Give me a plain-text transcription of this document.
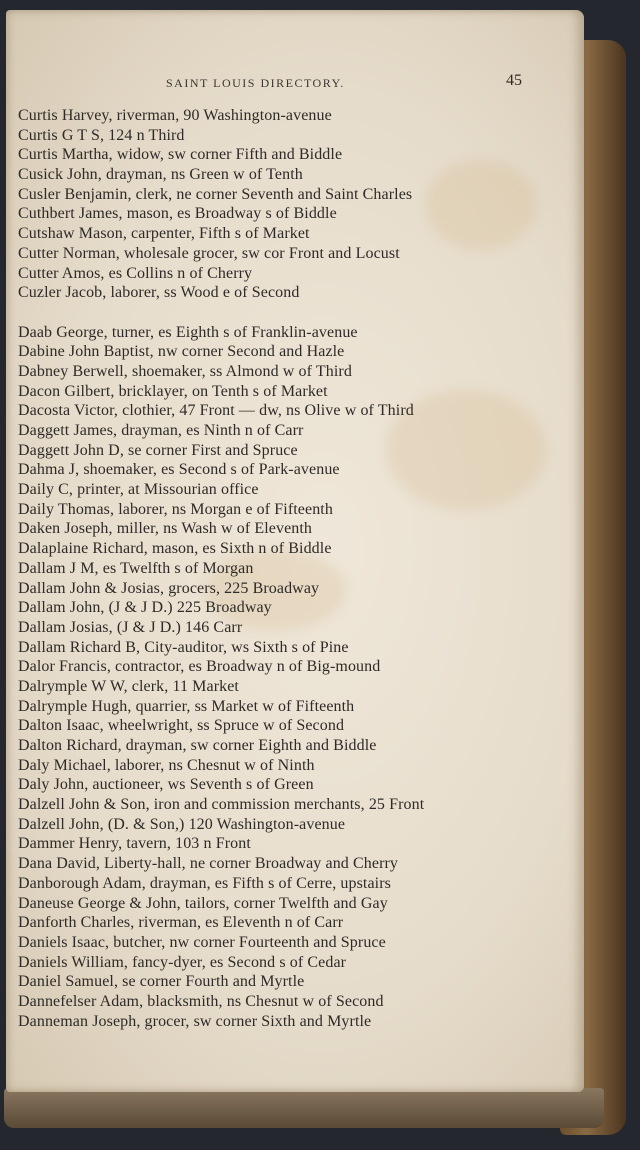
SAINT LOUIS DIRECTORY.	45
Curtis Harvey, riverman, 90 Washington-avenue
Curtis G T S, 124 n Third
Curtis Martha, widow, sw corner Fifth and Biddle
Cusick John, drayman, ns Green w of Tenth
Cusler Benjamin, clerk, ne corner Seventh and Saint Charles
Cuthbert James, mason, es Broadway s of Biddle
Cutshaw Mason, carpenter, Fifth s of Market
Cutter Norman, wholesale grocer, sw cor Front and Locust
Cutter Amos, es Collins n of Cherry
Cuzler Jacob, laborer, ss Wood e of Second
Daab George, turner, es Eighth s of Franklin-avenue
Dabine John Baptist, nw corner Second and Hazle
Dabney Berwell, shoemaker, ss Almond w of Third
Dacon Gilbert, bricklayer, on Tenth s of Market
Dacosta Victor, clothier, 47 Front — dw, ns Olive w of Third
Daggett James, drayman, es Ninth n of Carr
Daggett John D, se corner First and Spruce
Dahma J, shoemaker, es Second s of Park-avenue
Daily C, printer, at Missourian office
Daily Thomas, laborer, ns Morgan e of Fifteenth
Daken Joseph, miller, ns Wash w of Eleventh
Dalaplaine Richard, mason, es Sixth n of Biddle
Dallam J M, es Twelfth s of Morgan
Dallam John & Josias, grocers, 225 Broadway
Dallam John, (J & J D.) 225 Broadway
Dallam Josias, (J & J D.) 146 Carr
Dallam Richard B, City-auditor, ws Sixth s of Pine
Dalor Francis, contractor, es Broadway n of Big-mound
Dalrymple W W, clerk, 11 Market
Dalrymple Hugh, quarrier, ss Market w of Fifteenth
Dalton Isaac, wheelwright, ss Spruce w of Second
Dalton Richard, drayman, sw corner Eighth and Biddle
Daly Michael, laborer, ns Chesnut w of Ninth
Daly John, auctioneer, ws Seventh s of Green
Dalzell John & Son, iron and commission merchants, 25 Front
Dalzell John, (D. & Son,) 120 Washington-avenue
Dammer Henry, tavern, 103 n Front
Dana David, Liberty-hall, ne corner Broadway and Cherry
Danborough Adam, drayman, es Fifth s of Cerre, upstairs
Daneuse George & John, tailors, corner Twelfth and Gay
Danforth Charles, riverman, es Eleventh n of Carr
Daniels Isaac, butcher, nw corner Fourteenth and Spruce
Daniels William, fancy-dyer, es Second s of Cedar
Daniel Samuel, se corner Fourth and Myrtle
Dannefelser Adam, blacksmith, ns Chesnut w of Second
Danneman Joseph, grocer, sw corner Sixth and Myrtle
